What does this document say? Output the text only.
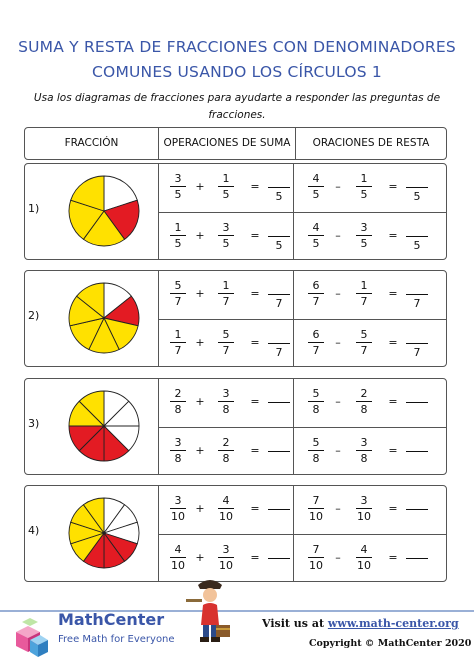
SUMA Y RESTA DE FRACCIONES CON DENOMINADORES
COMUNES USANDO LOS CÍRCULOS 1
Usa los diagramas de fracciones para ayudarte a responder las preguntas de fracciones.
FRACCIÓN	OPERACIONES DE SUMA	ORACIONES DE RESTA
1)
$\frac{3}{5} + \frac{1}{5}$ =
5
$\frac{1}{5} + \frac{3}{5}$ =
5
$\frac{4}{5} - \frac{1}{5}$ =
5
$\frac{4}{5} - \frac{3}{5}$ =
5
2)
$\frac{5}{7} + \frac{1}{7}$ =
7
$\frac{1}{7} + \frac{5}{7}$ =
7
$\frac{6}{7} - \frac{1}{7}$ =
7
$\frac{6}{7} - \frac{5}{7}$ =
7
3)
$\frac{2}{8} + \frac{3}{8}$ =
$\frac{3}{8} + \frac{2}{8}$ =
$\frac{5}{8} - \frac{2}{8}$ =
$\frac{5}{8} - \frac{3}{8}$ =
4)
$\frac{3}{10} + \frac{4}{10}$ =
$\frac{4}{10} + \frac{3}{10}$ =
$\frac{7}{10} - \frac{3}{10}$ =
$\frac{7}{10} - \frac{4}{10}$ =
MathCenter
Free Math for Everyone
Visit us at www.math-center.org
Copyright © MathCenter 2020
